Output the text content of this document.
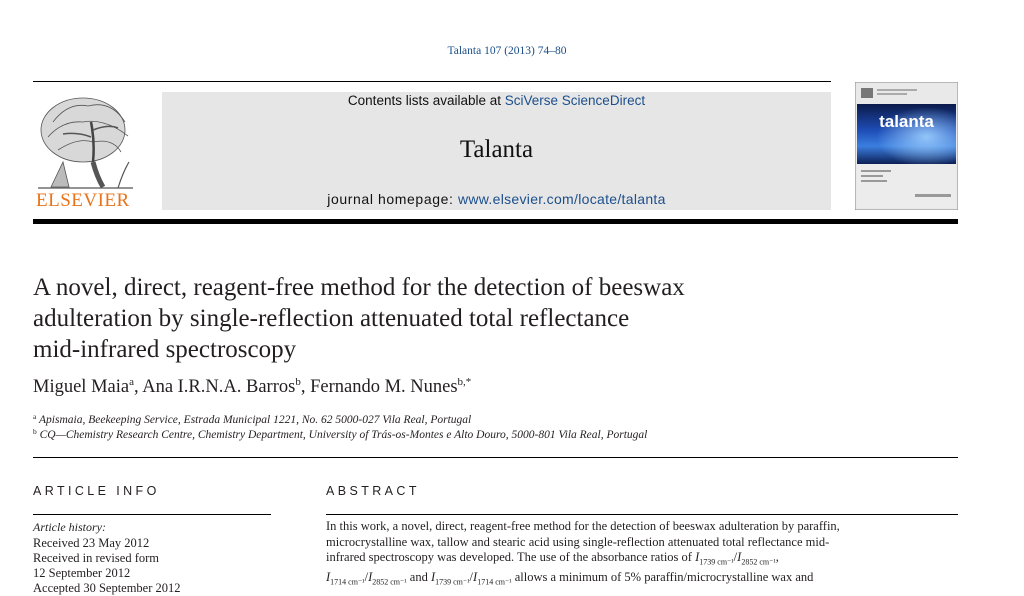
Talanta 107 (2013) 74–80
ELSEVIER
Contents lists available at SciVerse ScienceDirect
Talanta
journal homepage: www.elsevier.com/locate/talanta
talanta
A novel, direct, reagent-free method for the detection of beeswax
adulteration by single-reflection attenuated total reflectance
mid-infrared spectroscopy
Miguel Maia$^a$, Ana I.R.N.A. Barros$^b$, Fernando M. Nunes$^{b,*}$
$^a$ Apismaia, Beekeeping Service, Estrada Municipal 1221, No. 62 5000-027 Vila Real, Portugal
$^b$ CQ—Chemistry Research Centre, Chemistry Department, University of Trás-os-Montes e Alto Douro, 5000-801 Vila Real, Portugal
ARTICLE INFO	ABSTRACT
Article history:
Received 23 May 2012
Received in revised form
12 September 2012
Accepted 30 September 2012
In this work, a novel, direct, reagent-free method for the detection of beeswax adulteration by paraffin,
microcrystalline wax, tallow and stearic acid using single-reflection attenuated total reflectance mid-
infrared spectroscopy was developed. The use of the absorbance ratios of $I_{1739 cm^{-1}}/I_{2852 cm^{-1}}$,
$I_{1714 cm^{-1}}/I_{2852 cm^{-1}}$ and $I_{1739 cm^{-1}}/I_{1714 cm^{-1}}$ allows a minimum of 5% paraffin/microcrystalline wax and
